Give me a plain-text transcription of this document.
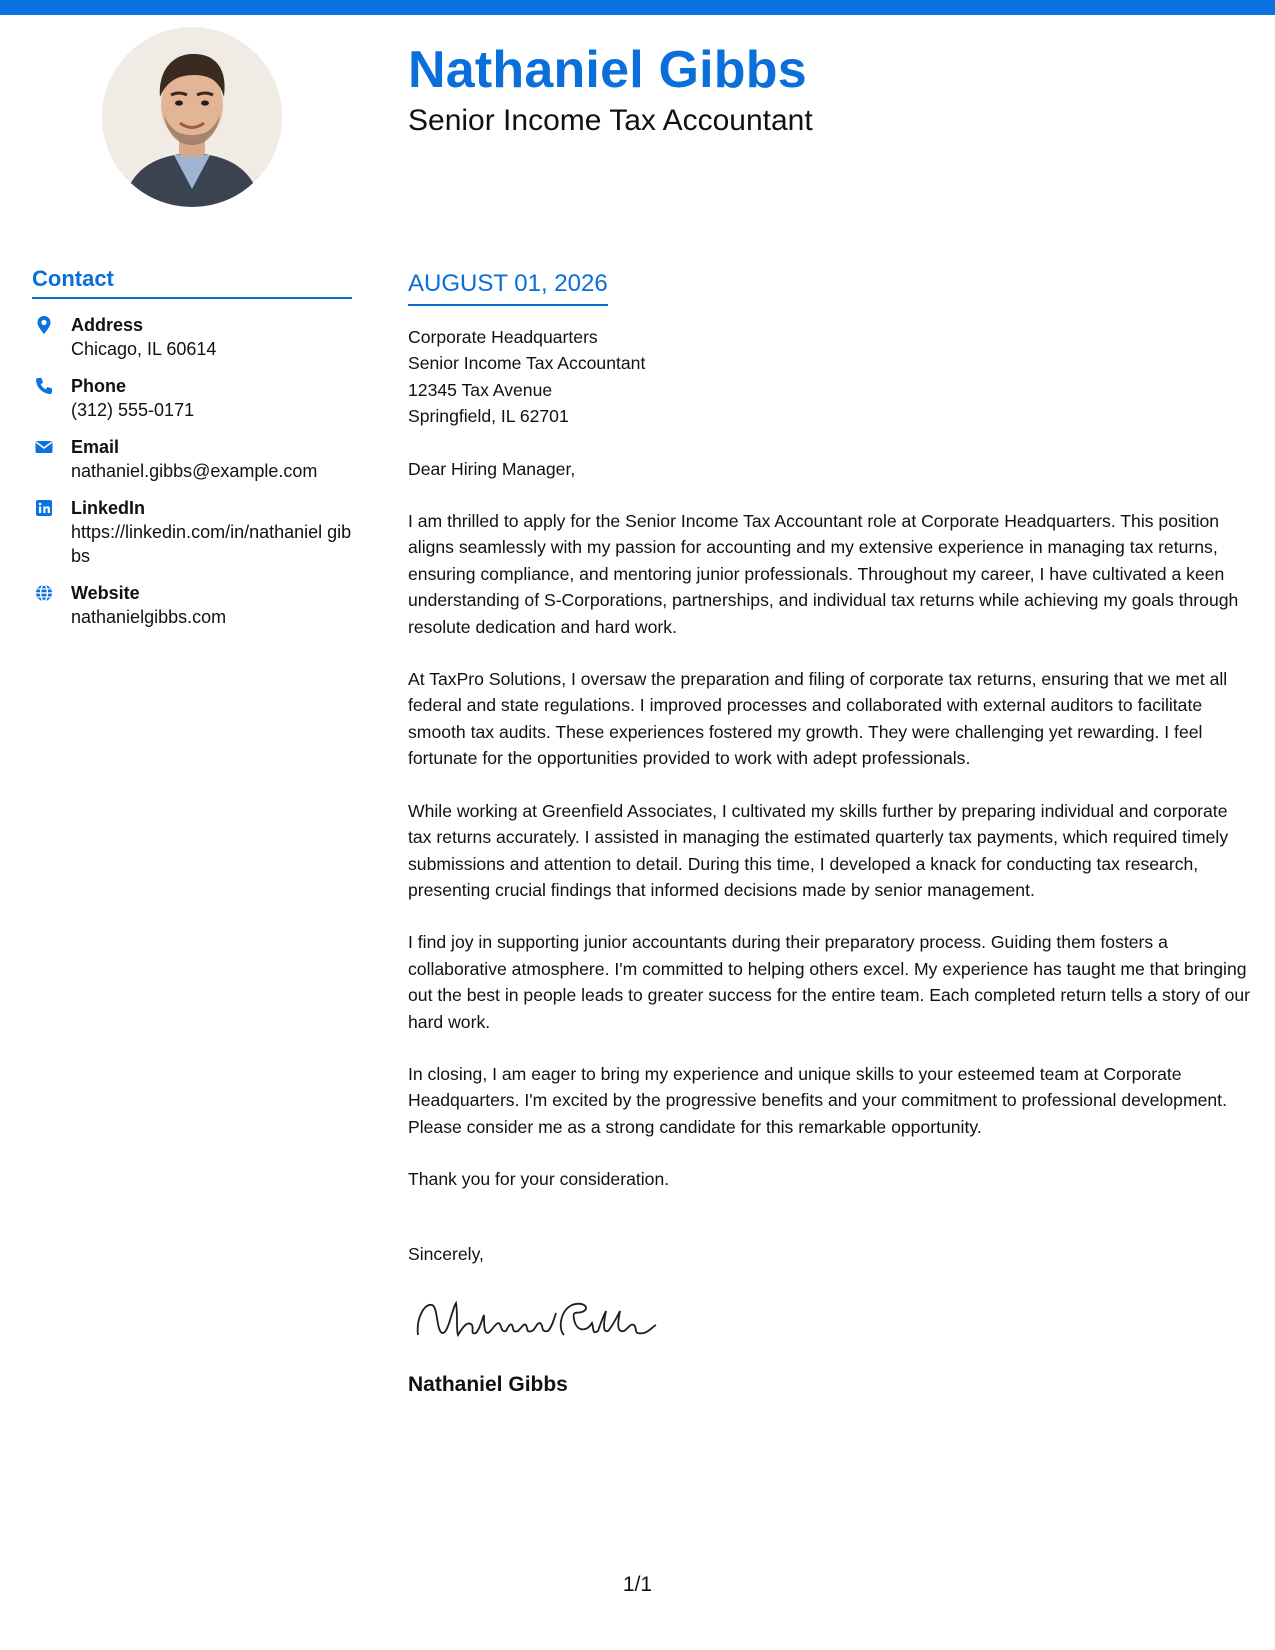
Nathaniel Gibbs
Senior Income Tax Accountant
Contact
Address
Chicago, IL 60614
Phone
(312) 555-0171
Email
nathaniel.gibbs@example.com
LinkedIn
https://linkedin.com/in/nathaniel gibbs
Website
nathanielgibbs.com
AUGUST 01, 2026
Corporate Headquarters
Senior Income Tax Accountant
12345 Tax Avenue
Springfield, IL 62701
Dear Hiring Manager,
I am thrilled to apply for the Senior Income Tax Accountant role at Corporate Headquarters. This position aligns seamlessly with my passion for accounting and my extensive experience in managing tax returns, ensuring compliance, and mentoring junior professionals. Throughout my career, I have cultivated a keen understanding of S-Corporations, partnerships, and individual tax returns while achieving my goals through resolute dedication and hard work.
At TaxPro Solutions, I oversaw the preparation and filing of corporate tax returns, ensuring that we met all federal and state regulations. I improved processes and collaborated with external auditors to facilitate smooth tax audits. These experiences fostered my growth. They were challenging yet rewarding. I feel fortunate for the opportunities provided to work with adept professionals.
While working at Greenfield Associates, I cultivated my skills further by preparing individual and corporate tax returns accurately. I assisted in managing the estimated quarterly tax payments, which required timely submissions and attention to detail. During this time, I developed a knack for conducting tax research, presenting crucial findings that informed decisions made by senior management.
I find joy in supporting junior accountants during their preparatory process. Guiding them fosters a collaborative atmosphere. I'm committed to helping others excel. My experience has taught me that bringing out the best in people leads to greater success for the entire team. Each completed return tells a story of our hard work.
In closing, I am eager to bring my experience and unique skills to your esteemed team at Corporate Headquarters. I'm excited by the progressive benefits and your commitment to professional development. Please consider me as a strong candidate for this remarkable opportunity.
Thank you for your consideration.
Sincerely,
Nathaniel Gibbs
1/1
